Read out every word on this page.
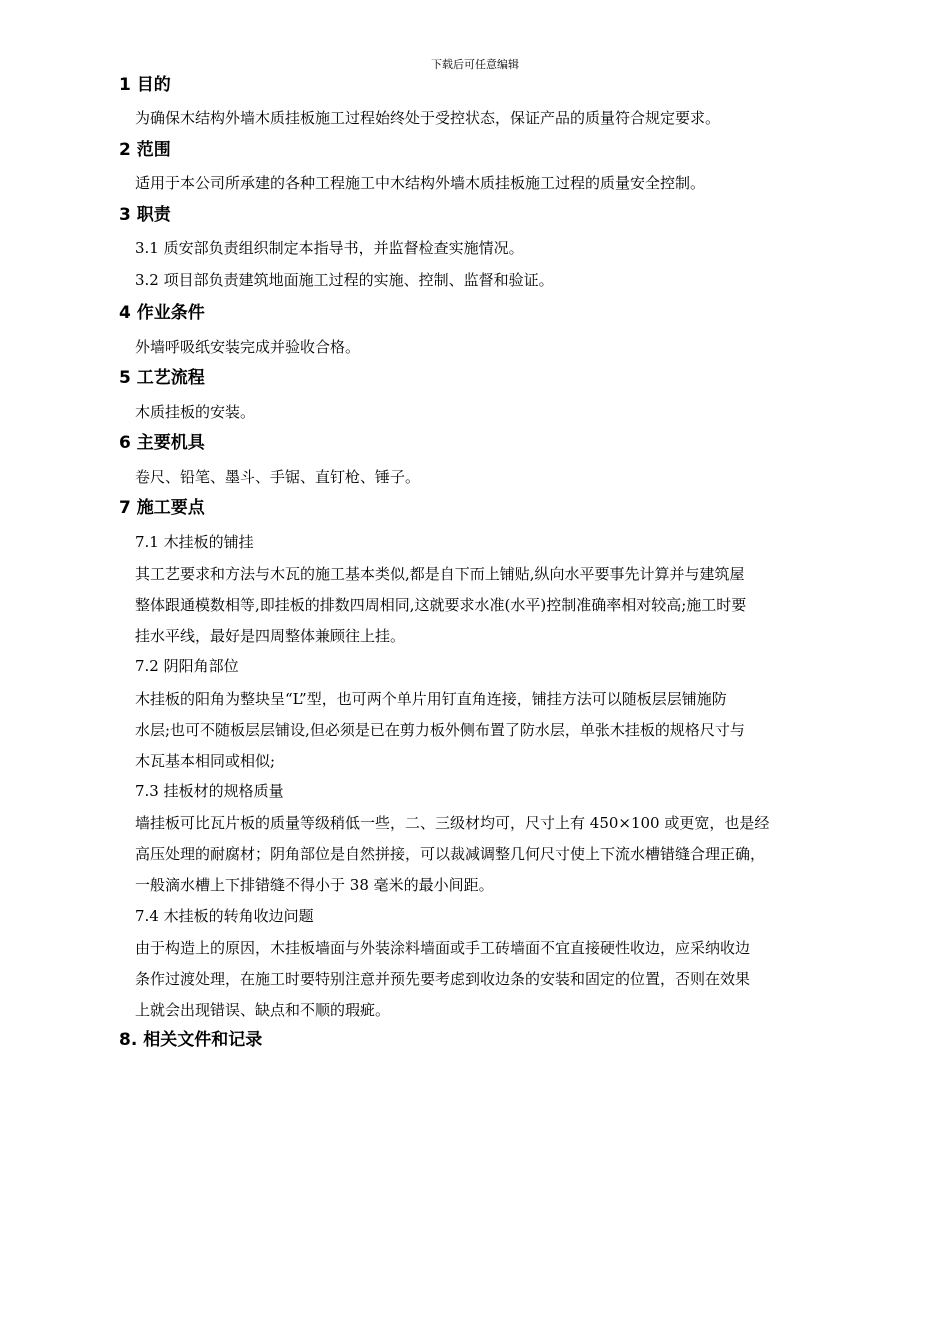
下载后可任意编辑
1 目的
为确保木结构外墙木质挂板施工过程始终处于受控状态，保证产品的质量符合规定要求。
2 范围
适用于本公司所承建的各种工程施工中木结构外墙木质挂板施工过程的质量安全控制。
3 职责
3.1 质安部负责组织制定本指导书，并监督检查实施情况。
3.2 项目部负责建筑地面施工过程的实施、控制、监督和验证。
4 作业条件
外墙呼吸纸安装完成并验收合格。
5 工艺流程
木质挂板的安装。
6 主要机具
卷尺、铅笔、墨斗、手锯、直钉枪、锤子。
7 施工要点
7.1 木挂板的铺挂
其工艺要求和方法与木瓦的施工基本类似,都是自下而上铺贴,纵向水平要事先计算并与建筑屋
整体跟通模数相等,即挂板的排数四周相同,这就要求水准(水平)控制准确率相对较高;施工时要
挂水平线，最好是四周整体兼顾往上挂。
7.2 阴阳角部位
木挂板的阳角为整块呈“L”型，也可两个单片用钉直角连接，铺挂方法可以随板层层铺施防
水层;也可不随板层层铺设,但必须是已在剪力板外侧布置了防水层，单张木挂板的规格尺寸与
木瓦基本相同或相似;
7.3 挂板材的规格质量
墙挂板可比瓦片板的质量等级稍低一些，二、三级材均可，尺寸上有 450×100 或更宽，也是经
高压处理的耐腐材；阴角部位是自然拼接，可以裁减调整几何尺寸使上下流水槽错缝合理正确，
一般滴水槽上下排错缝不得小于 38 毫米的最小间距。
7.4 木挂板的转角收边问题
由于构造上的原因，木挂板墙面与外装涂料墙面或手工砖墙面不宜直接硬性收边，应采纳收边
条作过渡处理，在施工时要特别注意并预先要考虑到收边条的安装和固定的位置，否则在效果
上就会出现错误、缺点和不顺的瑕疵。
8. 相关文件和记录
